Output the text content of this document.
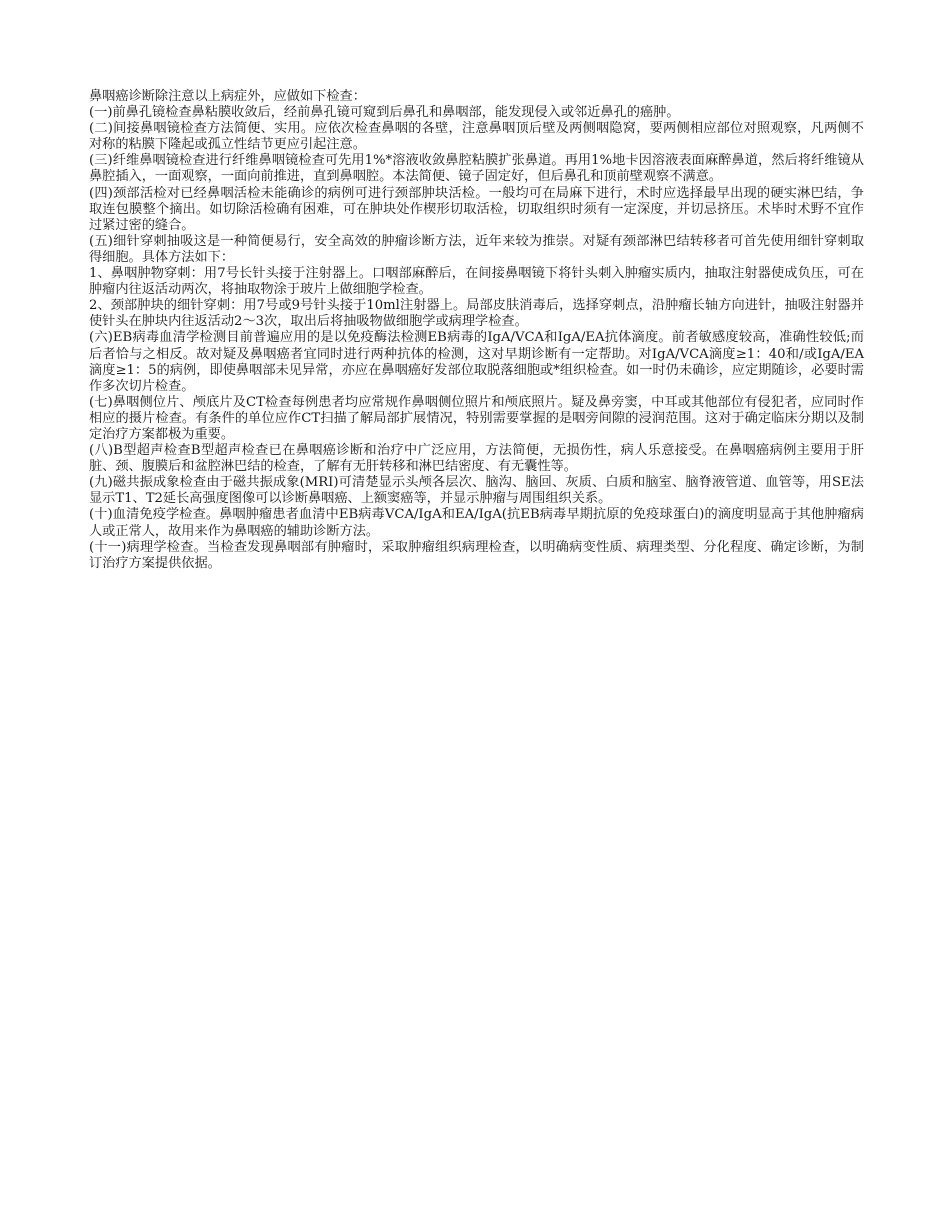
鼻咽癌诊断除注意以上病症外，应做如下检查：

(一)前鼻孔镜检查鼻粘膜收敛后，经前鼻孔镜可窥到后鼻孔和鼻咽部，能发现侵入或邻近鼻孔的癌肿。

(二)间接鼻咽镜检查方法简便、实用。应依次检查鼻咽的各壁，注意鼻咽顶后壁及两侧咽隐窝，要两侧相应部位对照观察，凡两侧不对称的粘膜下隆起或孤立性结节更应引起注意。

(三)纤维鼻咽镜检查进行纤维鼻咽镜检查可先用1%*溶液收敛鼻腔粘膜扩张鼻道。再用1%地卡因溶液表面麻醉鼻道，然后将纤维镜从鼻腔插入，一面观察，一面向前推进，直到鼻咽腔。本法简便、镜子固定好，但后鼻孔和顶前壁观察不满意。

(四)颈部活检对已经鼻咽活检未能确诊的病例可进行颈部肿块活检。一般均可在局麻下进行，术时应选择最早出现的硬实淋巴结，争取连包膜整个摘出。如切除活检确有困难，可在肿块处作楔形切取活检，切取组织时须有一定深度，并切忌挤压。术毕时术野不宜作过紧过密的缝合。

(五)细针穿刺抽吸这是一种简便易行，安全高效的肿瘤诊断方法，近年来较为推崇。对疑有颈部淋巴结转移者可首先使用细针穿刺取得细胞。具体方法如下：

1、鼻咽肿物穿刺：用7号长针头接于注射器上。口咽部麻醉后，在间接鼻咽镜下将针头刺入肿瘤实质内，抽取注射器使成负压，可在肿瘤内往返活动两次，将抽取物涂于玻片上做细胞学检查。

2、颈部肿块的细针穿刺：用7号或9号针头接于10ml注射器上。局部皮肤消毒后，选择穿刺点，沿肿瘤长轴方向进针，抽吸注射器并使针头在肿块内往返活动2～3次，取出后将抽吸物做细胞学或病理学检查。

(六)EB病毒血清学检测目前普遍应用的是以免疫酶法检测EB病毒的IgA/VCA和IgA/EA抗体滴度。前者敏感度较高，准确性较低;而后者恰与之相反。故对疑及鼻咽癌者宜同时进行两种抗体的检测，这对早期诊断有一定帮助。对IgA/VCA滴度≥1：40和/或IgA/EA滴度≥1：5的病例，即使鼻咽部未见异常，亦应在鼻咽癌好发部位取脱落细胞或*组织检查。如一时仍未确诊，应定期随诊，必要时需作多次切片检查。

(七)鼻咽侧位片、颅底片及CT检查每例患者均应常规作鼻咽侧位照片和颅底照片。疑及鼻旁窦，中耳或其他部位有侵犯者，应同时作相应的摄片检查。有条件的单位应作CT扫描了解局部扩展情况，特别需要掌握的是咽旁间隙的浸润范围。这对于确定临床分期以及制定治疗方案都极为重要。

(八)B型超声检查B型超声检查已在鼻咽癌诊断和治疗中广泛应用，方法简便，无损伤性，病人乐意接受。在鼻咽癌病例主要用于肝脏、颈、腹膜后和盆腔淋巴结的检查，了解有无肝转移和淋巴结密度、有无囊性等。

(九)磁共振成象检查由于磁共振成象(MRI)可清楚显示头颅各层次、脑沟、脑回、灰质、白质和脑室、脑脊液管道、血管等，用SE法显示T1、T2延长高强度图像可以诊断鼻咽癌、上额窦癌等，并显示肿瘤与周围组织关系。

(十)血清免疫学检查。鼻咽肿瘤患者血清中EB病毒VCA/IgA和EA/IgA(抗EB病毒早期抗原的免疫球蛋白)的滴度明显高于其他肿瘤病人或正常人，故用来作为鼻咽癌的辅助诊断方法。

(十一)病理学检查。当检查发现鼻咽部有肿瘤时，采取肿瘤组织病理检查，以明确病变性质、病理类型、分化程度、确定诊断，为制订治疗方案提供依据。
